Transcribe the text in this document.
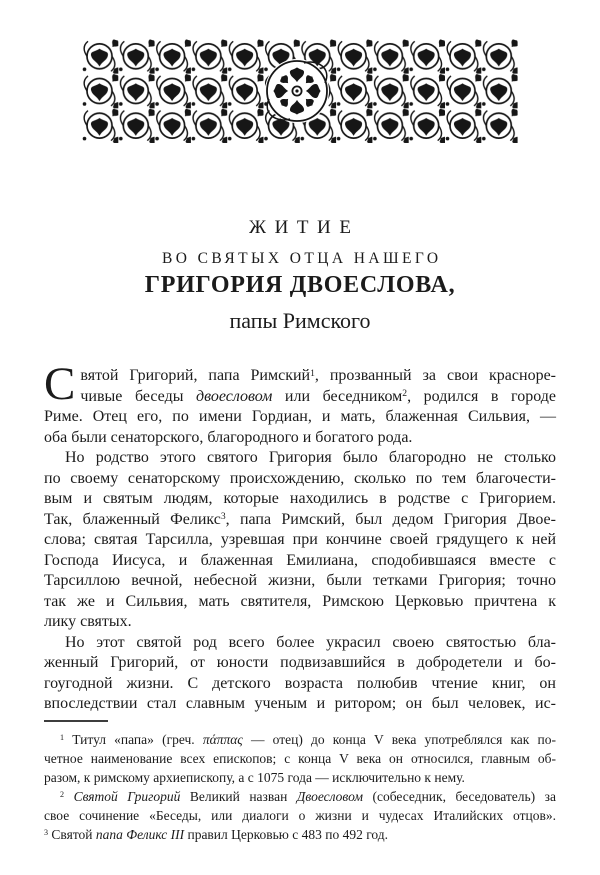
ЖИТИЕ
ВО СВЯТЫХ ОТЦА НАШЕГО
ГРИГОРИЯ ДВОЕСЛОВА,
папы Римского
С вятой Григорий, папа Римский$^1$, прозванный за свои красноре-
чивые беседы двоесловом или беседником$^2$, родился в городе
Риме. Отец его, по имени Гордиан, и мать, блаженная Сильвия, —
оба были сенаторского, благородного и богатого рода.
Но родство этого святого Григория было благородно не столько
по своему сенаторскому происхождению, сколько по тем благочести-
вым и святым людям, которые находились в родстве с Григорием.
Так, блаженный Феликс$^3$, папа Римский, был дедом Григория Двое-
слова; святая Тарсилла, узревшая при кончине своей грядущего к ней
Господа Иисуса, и блаженная Емилиана, сподобившаяся вместе с
Тарсиллою вечной, небесной жизни, были тетками Григория; точно
так же и Сильвия, мать святителя, Римскою Церковью причтена к
лику святых.
Но этот святой род всего более украсил своею святостью бла-
женный Григорий, от юности подвизавшийся в добродетели и бо-
гоугодной жизни. С детского возраста полюбив чтение книг, он
впоследствии стал славным ученым и ритором; он был человек, ис-
$^1$ Титул «папа» (греч. πάππας — отец) до конца V века употреблялся как по-
четное наименование всех епископов; с конца V века он относился, главным об-
разом, к римскому архиепископу, а с 1075 года — исключительно к нему.
$^2$ Святой Григорий Великий назван Двоесловом (собеседник, беседователь) за
свое сочинение «Беседы, или диалоги о жизни и чудесах Италийских отцов».
$^3$ Святой папа Феликс III правил Церковью с 483 по 492 год.
